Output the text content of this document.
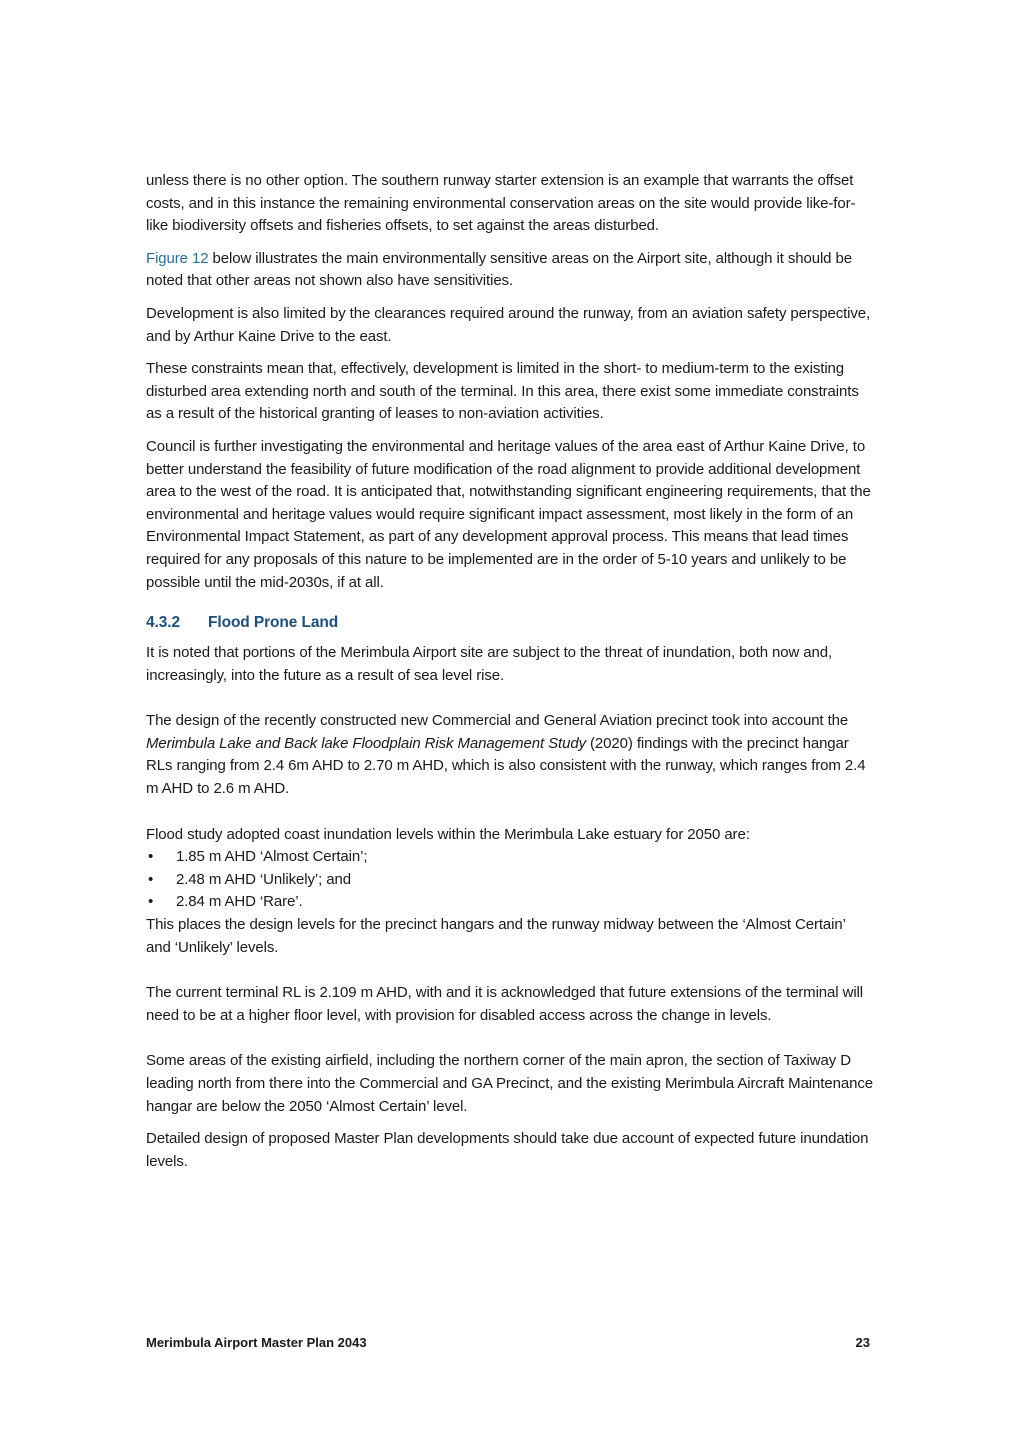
unless there is no other option. The southern runway starter extension is an example that warrants the offset costs, and in this instance the remaining environmental conservation areas on the site would provide like-for-like biodiversity offsets and fisheries offsets, to set against the areas disturbed.

Figure 12 below illustrates the main environmentally sensitive areas on the Airport site, although it should be noted that other areas not shown also have sensitivities.

Development is also limited by the clearances required around the runway, from an aviation safety perspective, and by Arthur Kaine Drive to the east.

These constraints mean that, effectively, development is limited in the short- to medium-term to the existing disturbed area extending north and south of the terminal. In this area, there exist some immediate constraints as a result of the historical granting of leases to non-aviation activities.

Council is further investigating the environmental and heritage values of the area east of Arthur Kaine Drive, to better understand the feasibility of future modification of the road alignment to provide additional development area to the west of the road. It is anticipated that, notwithstanding significant engineering requirements, that the environmental and heritage values would require significant impact assessment, most likely in the form of an Environmental Impact Statement, as part of any development approval process. This means that lead times required for any proposals of this nature to be implemented are in the order of 5-10 years and unlikely to be possible until the mid-2030s, if at all.

4.3.2 Flood Prone Land

It is noted that portions of the Merimbula Airport site are subject to the threat of inundation, both now and, increasingly, into the future as a result of sea level rise.

The design of the recently constructed new Commercial and General Aviation precinct took into account the Merimbula Lake and Back lake Floodplain Risk Management Study (2020) findings with the precinct hangar RLs ranging from 2.4 6m AHD to 2.70 m AHD, which is also consistent with the runway, which ranges from 2.4 m AHD to 2.6 m AHD.

Flood study adopted coast inundation levels within the Merimbula Lake estuary for 2050 are:

• 1.85 m AHD ‘Almost Certain’;
• 2.48 m AHD ‘Unlikely’; and
• 2.84 m AHD ‘Rare’.

This places the design levels for the precinct hangars and the runway midway between the ‘Almost Certain’ and ‘Unlikely’ levels.

The current terminal RL is 2.109 m AHD, with and it is acknowledged that future extensions of the terminal will need to be at a higher floor level, with provision for disabled access across the change in levels.

Some areas of the existing airfield, including the northern corner of the main apron, the section of Taxiway D leading north from there into the Commercial and GA Precinct, and the existing Merimbula Aircraft Maintenance hangar are below the 2050 ‘Almost Certain’ level.

Detailed design of proposed Master Plan developments should take due account of expected future inundation levels.

Merimbula Airport Master Plan 2043	23
